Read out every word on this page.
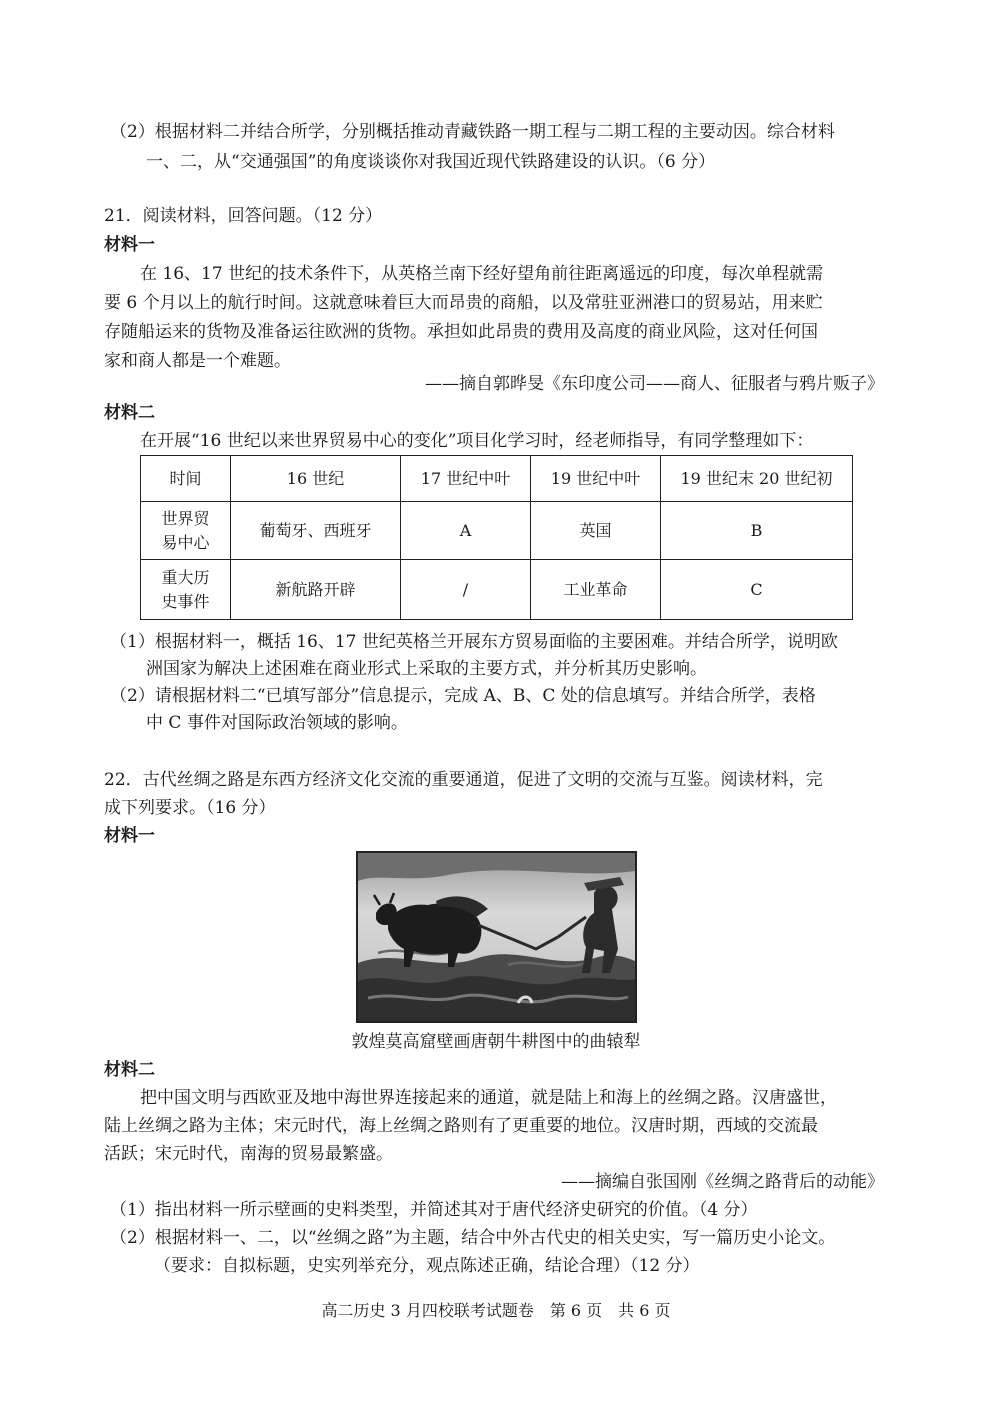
（2）根据材料二并结合所学，分别概括推动青藏铁路一期工程与二期工程的主要动因。综合材料
一、二，从“交通强国”的角度谈谈你对我国近现代铁路建设的认识。（6 分）
21．阅读材料，回答问题。（12 分）
材料一
在 16、17 世纪的技术条件下，从英格兰南下经好望角前往距离遥远的印度，每次单程就需
要 6 个月以上的航行时间。这就意味着巨大而昂贵的商船，以及常驻亚洲港口的贸易站，用来贮
存随船运来的货物及准备运往欧洲的货物。承担如此昂贵的费用及高度的商业风险，这对任何国
家和商人都是一个难题。
——摘自郭晔旻《东印度公司——商人、征服者与鸦片贩子》
材料二
在开展“16 世纪以来世界贸易中心的变化”项目化学习时，经老师指导，有同学整理如下：
时间	16 世纪	17 世纪中叶	19 世纪中叶	19 世纪末 20 世纪初
世界贸易中心	葡萄牙、西班牙	A	英国	B
重大历史事件	新航路开辟	/	工业革命	C
（1）根据材料一，概括 16、17 世纪英格兰开展东方贸易面临的主要困难。并结合所学，说明欧
洲国家为解决上述困难在商业形式上采取的主要方式，并分析其历史影响。
（2）请根据材料二“已填写部分”信息提示，完成 A、B、C 处的信息填写。并结合所学，表格
中 C 事件对国际政治领域的影响。
22．古代丝绸之路是东西方经济文化交流的重要通道，促进了文明的交流与互鉴。阅读材料，完
成下列要求。（16 分）
材料一
敦煌莫高窟壁画唐朝牛耕图中的曲辕犁
材料二
把中国文明与西欧亚及地中海世界连接起来的通道，就是陆上和海上的丝绸之路。汉唐盛世，
陆上丝绸之路为主体；宋元时代，海上丝绸之路则有了更重要的地位。汉唐时期，西域的交流最
活跃；宋元时代，南海的贸易最繁盛。
——摘编自张国刚《丝绸之路背后的动能》
（1）指出材料一所示壁画的史料类型，并简述其对于唐代经济史研究的价值。（4 分）
（2）根据材料一、二，以“丝绸之路”为主题，结合中外古代史的相关史实，写一篇历史小论文。
（要求：自拟标题，史实列举充分，观点陈述正确，结论合理）（12 分）
高二历史 3 月四校联考试题卷　第 6 页　共 6 页
